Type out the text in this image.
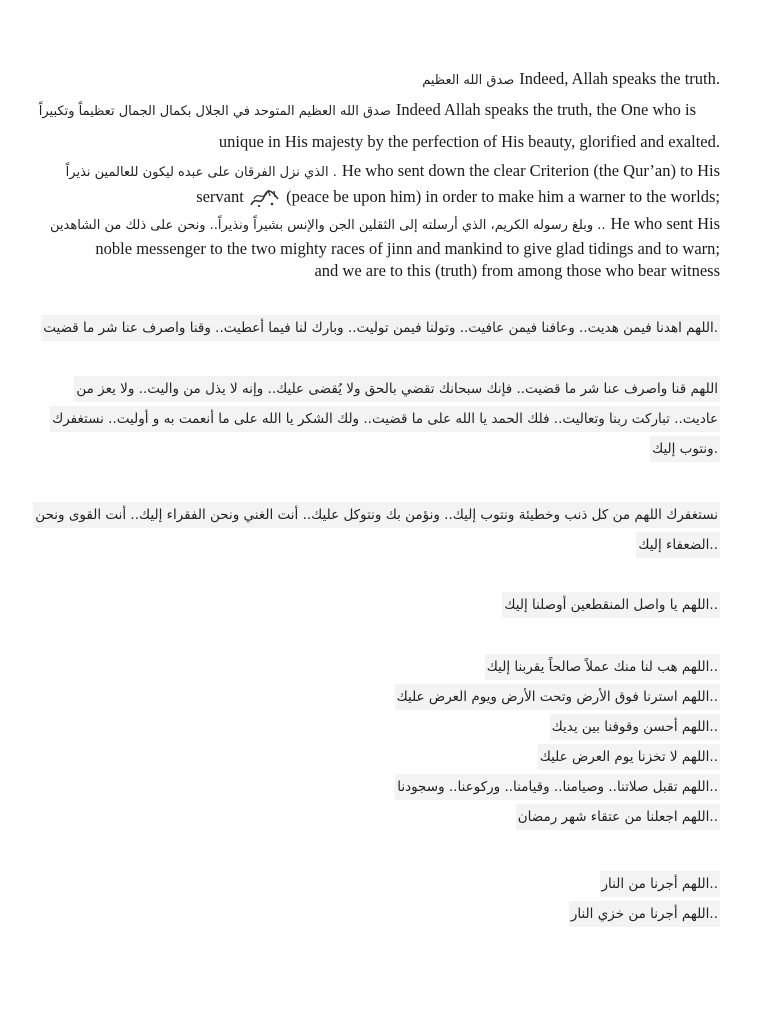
صدق الله العظيم Indeed, Allah speaks the truth.
صدق الله العظيم المتوحد في الجلال بكمال الجمال تعظيماً وتكبيراً Indeed Allah speaks the truth, the One who is
unique in His majesty by the perfection of His beauty, glorified and exalted.
الذي نزل الفرقان على عبده ليكون للعالمين نذيراً . He who sent down the clear Criterion (the Qur’an) to His
servant	(peace be upon him) in order to make him a warner to the worlds;
وبلغ رسوله الكريم، الذي أرسلته إلى الثقلين الجن والإنس بشيراً ونذيراً.. ونحن على ذلك من الشاهدين .. He who sent His
noble messenger to the two mighty races of jinn and mankind to give glad tidings and to warn;
and we are to this (truth) from among those who bear witness
.اللهم اهدنا فيمن هديت.. وعافنا فيمن عافيت.. وتولنا فيمن توليت.. وبارك لنا فيما أعطيت.. وقنا واصرف عنا شر ما قضيت
اللهم قنا واصرف عنا شر ما قضيت.. فإنك سبحانك تقضي بالحق ولا يُقضى عليك.. وإنه لا يذل من واليت.. ولا يعز من
عاديت.. تباركت ربنا وتعاليت.. فلك الحمد يا الله على ما قضيت.. ولك الشكر يا الله على ما أنعمت به و أوليت.. نستغفرك
.ونتوب إليك
نستغفرك اللهم من كل ذنب وخطيئة ونتوب إليك.. ونؤمن بك ونتوكل عليك.. أنت الغني ونحن الفقراء إليك.. أنت القوى ونحن
..الضعفاء إليك
..اللهم يا واصل المنقطعين أوصلنا إليك
..اللهم هب لنا منك عملاً صالحاً يقربنا إليك
..اللهم استرنا فوق الأرض وتحت الأرض ويوم العرض عليك
..اللهم أحسن وقوفنا بين يديك
..اللهم لا تخزنا يوم العرض عليك
..اللهم تقبل صلاتنا.. وصيامنا.. وقيامنا.. وركوعنا.. وسجودنا
..اللهم اجعلنا من عتقاء شهر رمضان
..اللهم أجرنا من النار
..اللهم أجرنا من خزي النار
